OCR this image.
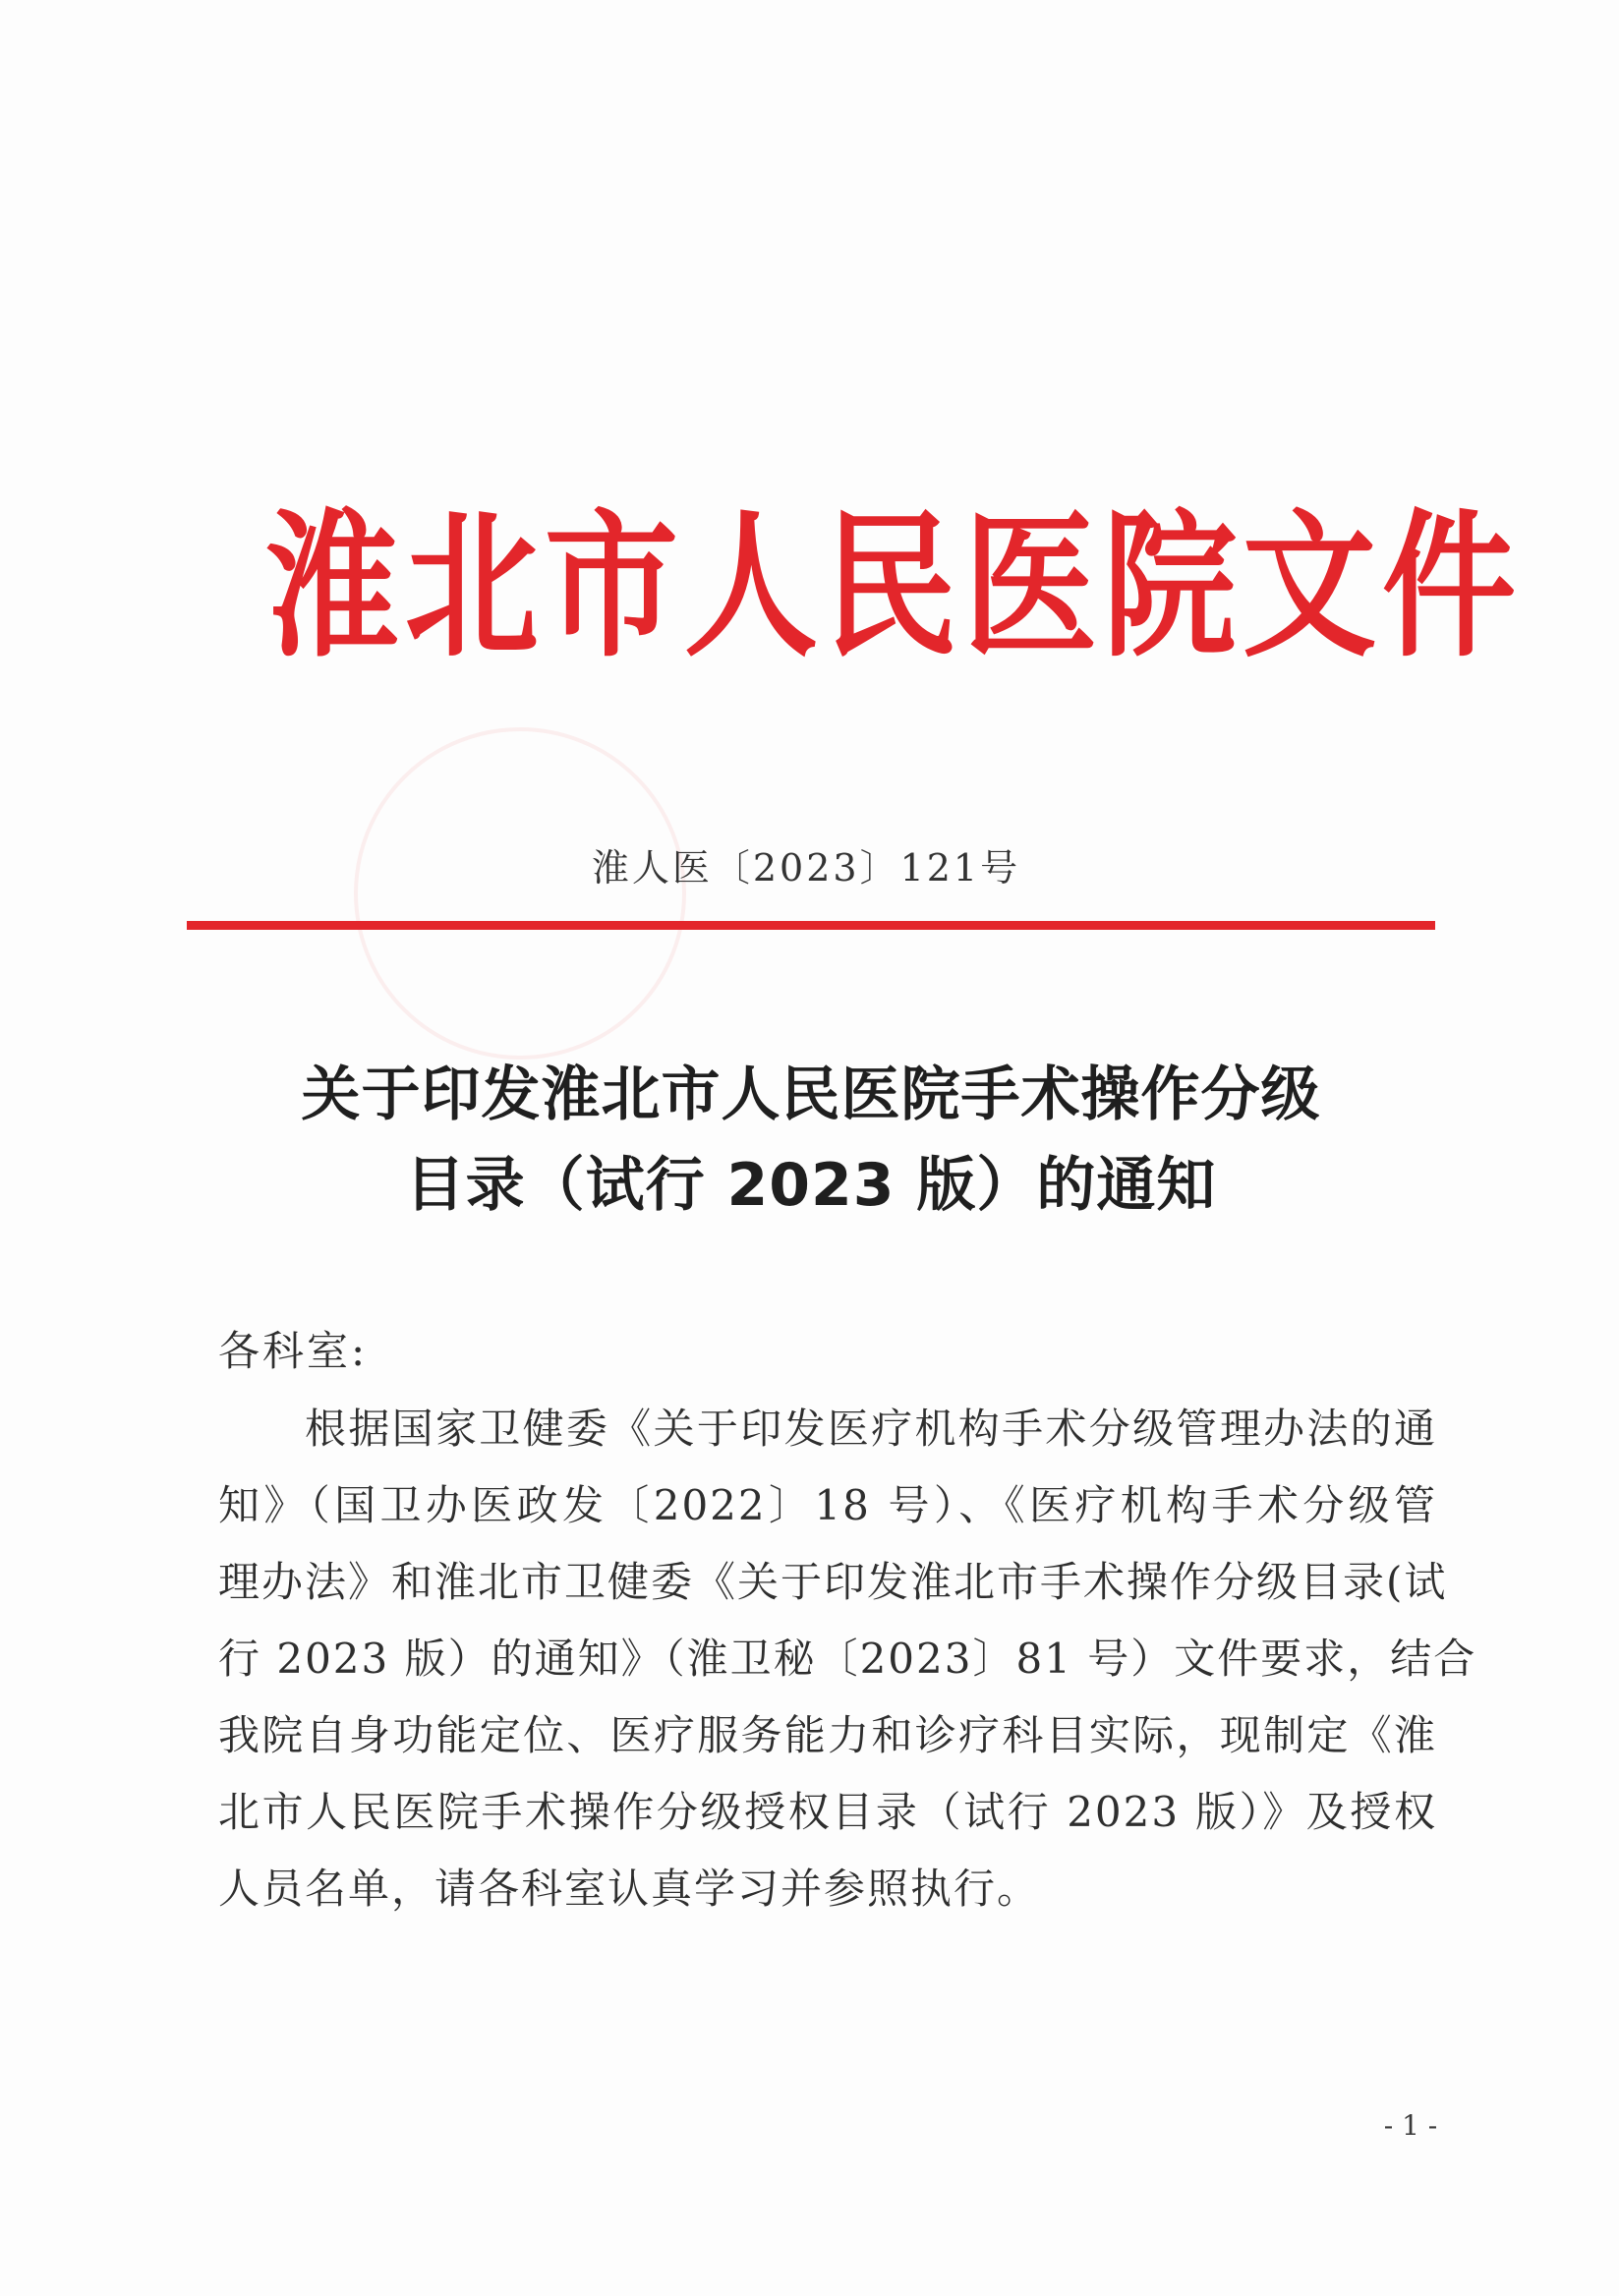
淮北市人民医院文件
淮人医〔2023〕121号
关于印发淮北市人民医院手术操作分级
目录（试行 2023 版）的通知
各科室:
根据国家卫健委《关于印发医疗机构手术分级管理办法的通
知》（国卫办医政发〔2022〕18 号）、《医疗机构手术分级管
理办法》和淮北市卫健委《关于印发淮北市手术操作分级目录(试
行 2023 版）的通知》（淮卫秘〔2023〕81 号）文件要求，结合
我院自身功能定位、医疗服务能力和诊疗科目实际，现制定《淮
北市人民医院手术操作分级授权目录（试行 2023 版）》及授权
人员名单，请各科室认真学习并参照执行。
- 1 -
